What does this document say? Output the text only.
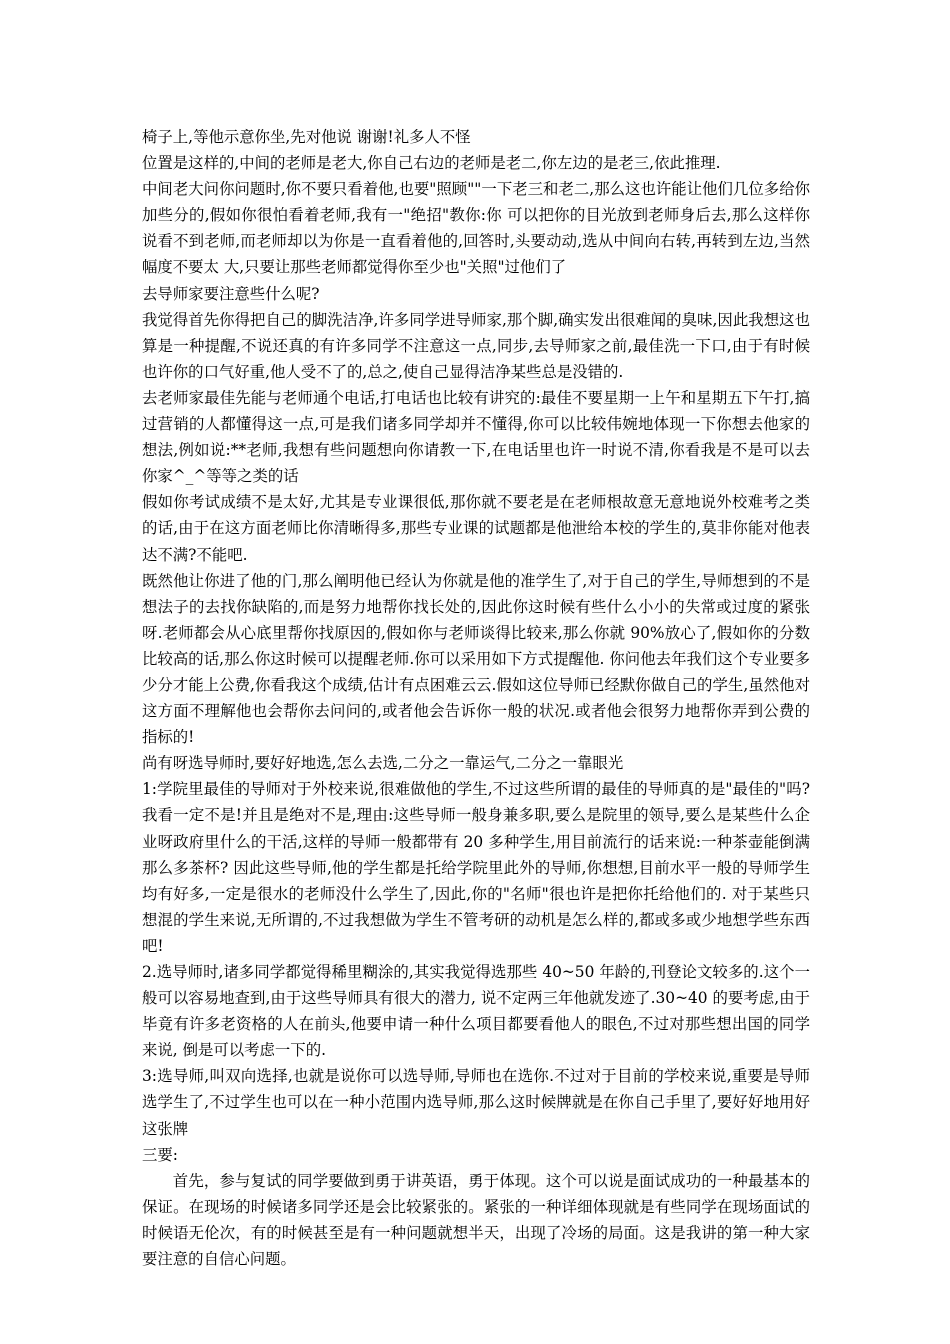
椅子上,等他示意你坐,先对他说 谢谢!礼多人不怪

位置是这样的,中间的老师是老大,你自己右边的老师是老二,你左边的是老三,依此推理.

中间老大问你问题时,你不要只看着他,也要"照顾""一下老三和老二,那么这也许能让他们几位多给你加些分的,假如你很怕看着老师,我有一"绝招"教你:你 可以把你的目光放到老师身后去,那么这样你说看不到老师,而老师却以为你是一直看着他的,回答时,头要动动,选从中间向右转,再转到左边,当然幅度不要太 大,只要让那些老师都觉得你至少也"关照"过他们了

去导师家要注意些什么呢?

我觉得首先你得把自己的脚洗洁净,许多同学进导师家,那个脚,确实发出很难闻的臭味,因此我想这也算是一种提醒,不说还真的有许多同学不注意这一点,同步,去导师家之前,最佳洗一下口,由于有时候也许你的口气好重,他人受不了的,总之,使自己显得洁净某些总是没错的.

去老师家最佳先能与老师通个电话,打电话也比较有讲究的:最佳不要星期一上午和星期五下午打,搞过营销的人都懂得这一点,可是我们诸多同学却并不懂得,你可以比较伟婉地体现一下你想去他家的想法,例如说:**老师,我想有些问题想向你请教一下,在电话里也许一时说不清,你看我是不是可以去你家^_^等等之类的话

假如你考试成绩不是太好,尤其是专业课很低,那你就不要老是在老师根故意无意地说外校难考之类的话,由于在这方面老师比你清晰得多,那些专业课的试题都是他泄给本校的学生的,莫非你能对他表达不满?不能吧.

既然他让你进了他的门,那么阐明他已经认为你就是他的准学生了,对于自己的学生,导师想到的不是想法子的去找你缺陷的,而是努力地帮你找长处的,因此你这时候有些什么小小的失常或过度的紧张呀.老师都会从心底里帮你找原因的,假如你与老师谈得比较来,那么你就 90%放心了,假如你的分数比较高的话,那么你这时候可以提醒老师.你可以采用如下方式提醒他. 你问他去年我们这个专业要多少分才能上公费,你看我这个成绩,估计有点困难云云.假如这位导师已经默你做自己的学生,虽然他对这方面不理解他也会帮你去问问的,或者他会告诉你一般的状况.或者他会很努力地帮你弄到公费的指标的!

尚有呀选导师时,要好好地选,怎么去选,二分之一靠运气,二分之一靠眼光

1:学院里最佳的导师对于外校来说,很难做他的学生,不过这些所谓的最佳的导师真的是"最佳的"吗?我看一定不是!并且是绝对不是,理由:这些导师一般身兼多职,要么是院里的领导,要么是某些什么企业呀政府里什么的干活,这样的导师一般都带有 20 多种学生,用目前流行的话来说:一种茶壶能倒满那么多茶杯? 因此这些导师,他的学生都是托给学院里此外的导师,你想想,目前水平一般的导师学生均有好多,一定是很水的老师没什么学生了,因此,你的"名师"很也许是把你托给他们的. 对于某些只想混的学生来说,无所谓的,不过我想做为学生不管考研的动机是怎么样的,都或多或少地想学些东西吧!

2.选导师时,诸多同学都觉得稀里糊涂的,其实我觉得选那些 40~50 年龄的,刊登论文较多的.这个一般可以容易地查到,由于这些导师具有很大的潜力, 说不定两三年他就发迹了.30~40 的要考虑,由于毕竟有许多老资格的人在前头,他要申请一种什么项目都要看他人的眼色,不过对那些想出国的同学来说, 倒是可以考虑一下的.

3:选导师,叫双向选择,也就是说你可以选导师,导师也在选你.不过对于目前的学校来说,重要是导师选学生了,不过学生也可以在一种小范围内选导师,那么这时候牌就是在你自己手里了,要好好地用好这张牌

三要:

首先，参与复试的同学要做到勇于讲英语，勇于体现。这个可以说是面试成功的一种最基本的保证。在现场的时候诸多同学还是会比较紧张的。紧张的一种详细体现就是有些同学在现场面试的时候语无伦次，有的时候甚至是有一种问题就想半天，出现了冷场的局面。这是我讲的第一种大家要注意的自信心问题。
